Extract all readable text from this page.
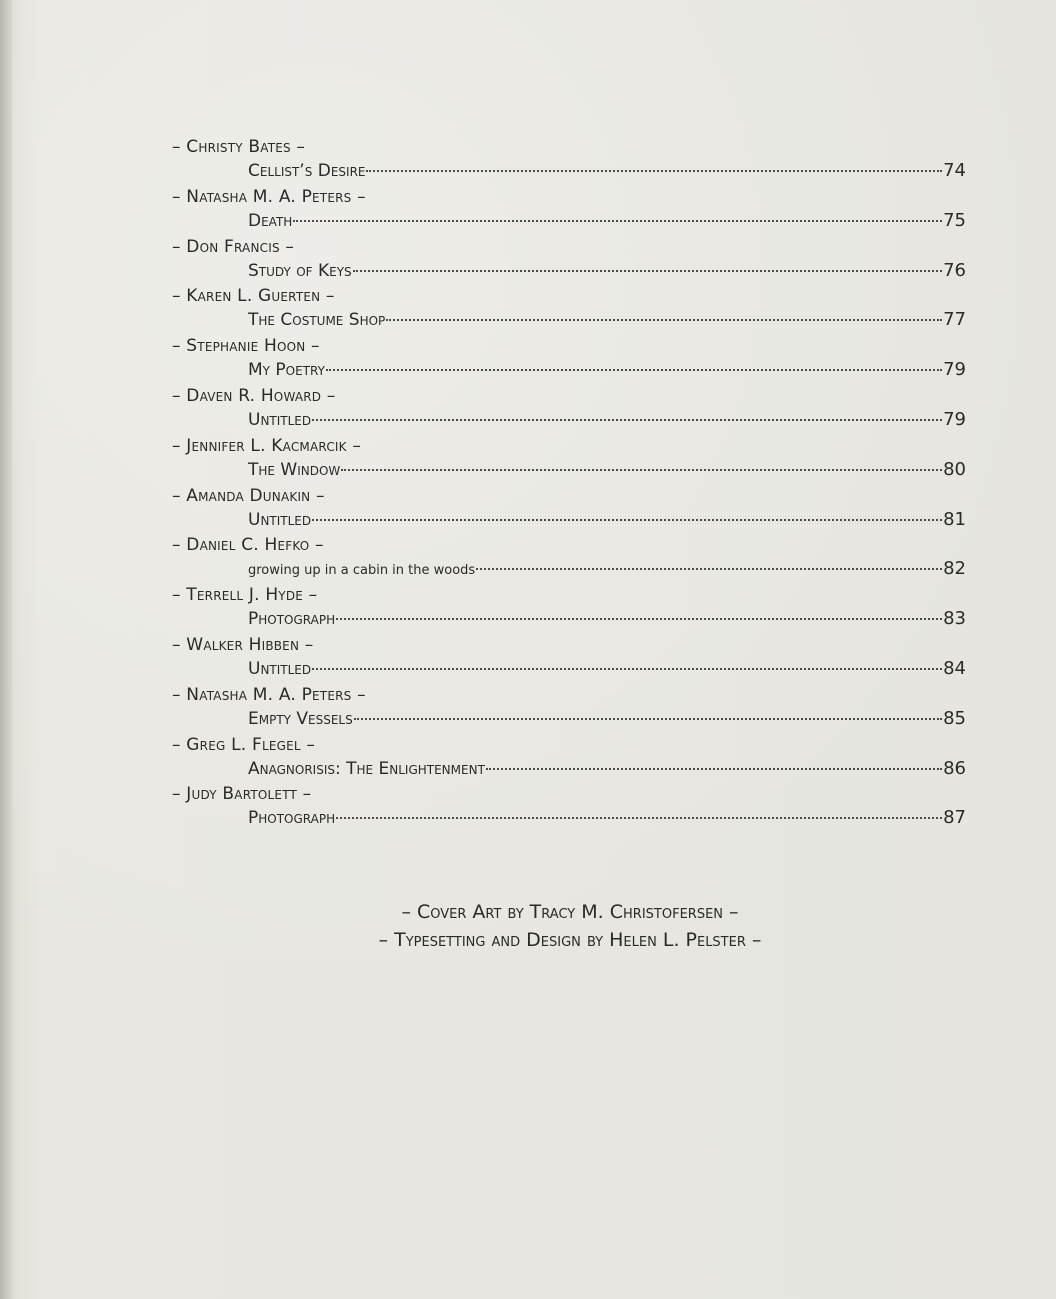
– Christy Bates –
Cellist’s Desire	74
– Natasha M. A. Peters –
Death	75
– Don Francis –
Study of Keys	76
– Karen L. Guerten –
The Costume Shop	77
– Stephanie Hoon –
My Poetry	79
– Daven R. Howard –
Untitled	79
– Jennifer L. Kacmarcik –
The Window	80
– Amanda Dunakin –
Untitled	81
– Daniel C. Hefko –
growing up in a cabin in the woods	82
– Terrell J. Hyde –
Photograph	83
– Walker Hibben –
Untitled	84
– Natasha M. A. Peters –
Empty Vessels	85
– Greg L. Flegel –
Anagnorisis: The Enlightenment	86
– Judy Bartolett –
Photograph	87
– Cover Art by Tracy M. Christofersen –
– Typesetting and Design by Helen L. Pelster –
